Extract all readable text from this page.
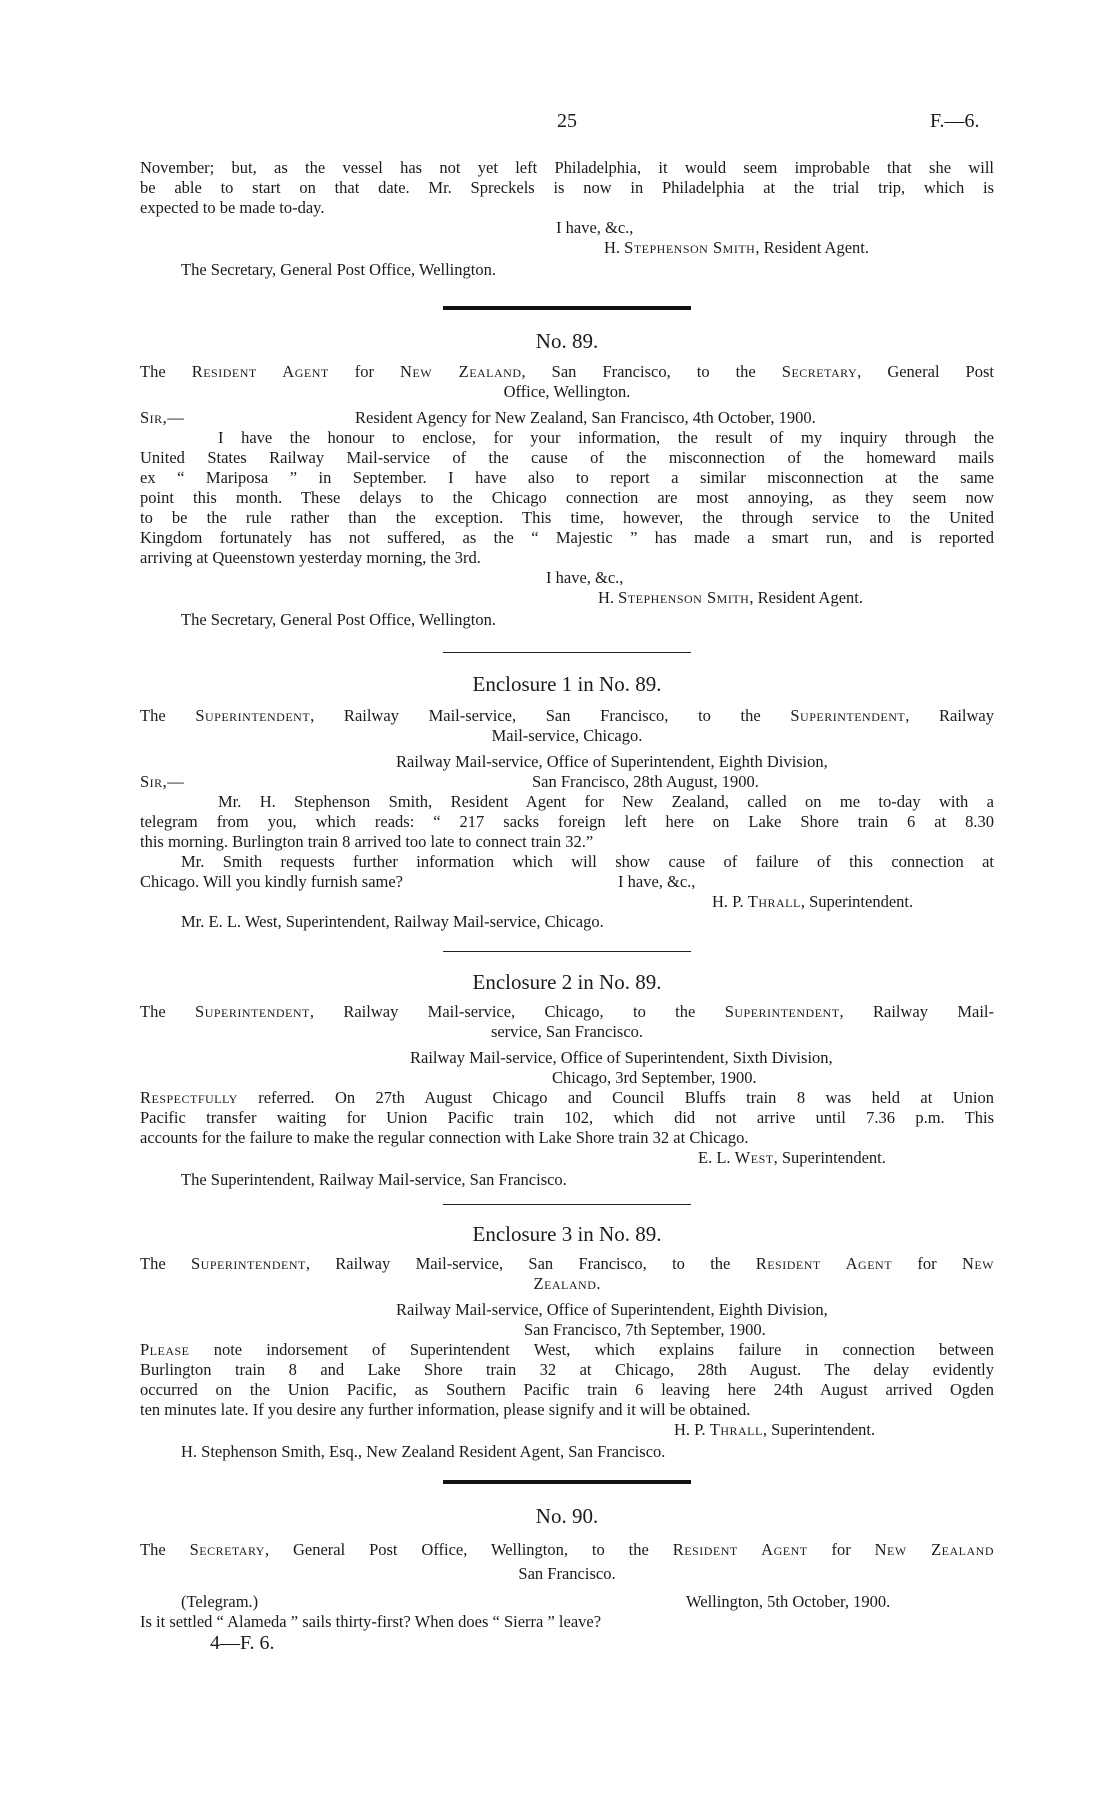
25	F.—6.
November; but, as the vessel has not yet left Philadelphia, it would seem improbable that she will
be able to start on that date. Mr. Spreckels is now in Philadelphia at the trial trip, which is
expected to be made to-day.
I have, &c.,
H. Stephenson Smith, Resident Agent.
The Secretary, General Post Office, Wellington.
No. 89.
The Resident Agent for New Zealand, San Francisco, to the Secretary, General Post
Office, Wellington.
Sir,—	Resident Agency for New Zealand, San Francisco, 4th October, 1900.
I have the honour to enclose, for your information, the result of my inquiry through the
United States Railway Mail-service of the cause of the misconnection of the homeward mails
ex “ Mariposa ” in September. I have also to report a similar misconnection at the same
point this month. These delays to the Chicago connection are most annoying, as they seem now
to be the rule rather than the exception. This time, however, the through service to the United
Kingdom fortunately has not suffered, as the “ Majestic ” has made a smart run, and is reported
arriving at Queenstown yesterday morning, the 3rd.
I have, &c.,
H. Stephenson Smith, Resident Agent.
The Secretary, General Post Office, Wellington.
Enclosure 1 in No. 89.
The Superintendent, Railway Mail-service, San Francisco, to the Superintendent, Railway
Mail-service, Chicago.
Railway Mail-service, Office of Superintendent, Eighth Division,
Sir,—	San Francisco, 28th August, 1900.
Mr. H. Stephenson Smith, Resident Agent for New Zealand, called on me to-day with a
telegram from you, which reads: “ 217 sacks foreign left here on Lake Shore train 6 at 8.30
this morning. Burlington train 8 arrived too late to connect train 32.”
Mr. Smith requests further information which will show cause of failure of this connection at
Chicago. Will you kindly furnish same?	I have, &c.,
H. P. Thrall, Superintendent.
Mr. E. L. West, Superintendent, Railway Mail-service, Chicago.
Enclosure 2 in No. 89.
The Superintendent, Railway Mail-service, Chicago, to the Superintendent, Railway Mail-
service, San Francisco.
Railway Mail-service, Office of Superintendent, Sixth Division,
Chicago, 3rd September, 1900.
Respectfully referred. On 27th August Chicago and Council Bluffs train 8 was held at Union
Pacific transfer waiting for Union Pacific train 102, which did not arrive until 7.36 p.m. This
accounts for the failure to make the regular connection with Lake Shore train 32 at Chicago.
E. L. West, Superintendent.
The Superintendent, Railway Mail-service, San Francisco.
Enclosure 3 in No. 89.
The Superintendent, Railway Mail-service, San Francisco, to the Resident Agent for New
Zealand.
Railway Mail-service, Office of Superintendent, Eighth Division,
San Francisco, 7th September, 1900.
Please note indorsement of Superintendent West, which explains failure in connection between
Burlington train 8 and Lake Shore train 32 at Chicago, 28th August. The delay evidently
occurred on the Union Pacific, as Southern Pacific train 6 leaving here 24th August arrived Ogden
ten minutes late. If you desire any further information, please signify and it will be obtained.
H. P. Thrall, Superintendent.
H. Stephenson Smith, Esq., New Zealand Resident Agent, San Francisco.
No. 90.
The Secretary, General Post Office, Wellington, to the Resident Agent for New Zealand
San Francisco.
(Telegram.)	Wellington, 5th October, 1900.
Is it settled “ Alameda ” sails thirty-first? When does “ Sierra ” leave?
4—F. 6.
